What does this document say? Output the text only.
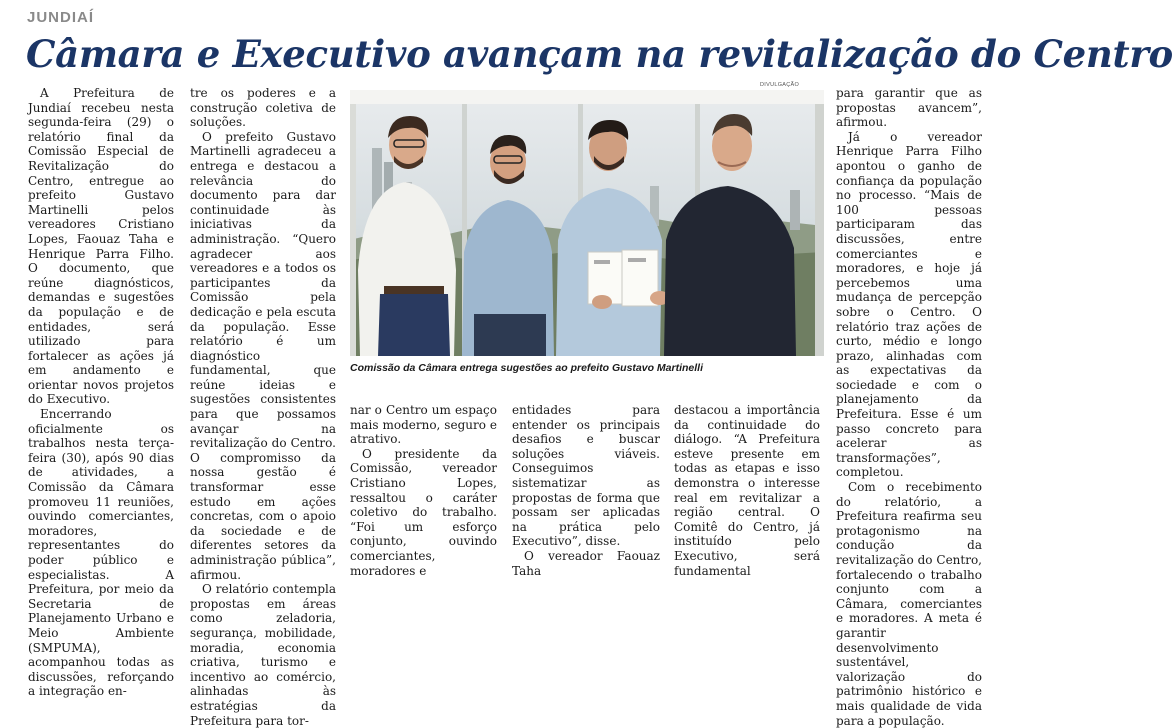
JUNDIAÍ
Câmara e Executivo avançam na revitalização do Centro

A Prefeitura de Jundiaí recebeu nesta segunda-feira (29) o relatório final da Comissão Especial de Revitalização do Centro, entregue ao prefeito Gustavo Martinelli pelos vereadores Cristiano Lopes, Faouaz Taha e Henrique Parra Filho. O documento, que reúne diagnósticos, demandas e sugestões da população e de entidades, será utilizado para fortalecer as ações já em andamento e orientar novos projetos do Executivo.

Encerrando oficialmente os trabalhos nesta terça-feira (30), após 90 dias de atividades, a Comissão da Câmara promoveu 11 reuniões, ouvindo comerciantes, moradores, representantes do poder público e especialistas. A Prefeitura, por meio da Secretaria de Planejamento Urbano e Meio Ambiente (SMPUMA), acompanhou todas as discussões, reforçando a integração en-

tre os poderes e a construção coletiva de soluções.

O prefeito Gustavo Martinelli agradeceu a entrega e destacou a relevância do documento para dar continuidade às iniciativas da administração. “Quero agradecer aos vereadores e a todos os participantes da Comissão pela dedicação e pela escuta da população. Esse relatório é um diagnóstico fundamental, que reúne ideias e sugestões consistentes para que possamos avançar na revitalização do Centro. O compromisso da nossa gestão é transformar esse estudo em ações concretas, com o apoio da sociedade e de diferentes setores da administração pública”, afirmou.

O relatório contempla propostas em áreas como zeladoria, segurança, mobilidade, moradia, economia criativa, turismo e incentivo ao comércio, alinhadas às estratégias da Prefeitura para tor-

DIVULGAÇÃO
Comissão da Câmara entrega sugestões ao prefeito Gustavo Martinelli

nar o Centro um espaço mais moderno, seguro e atrativo.

O presidente da Comissão, vereador Cristiano Lopes, ressaltou o caráter coletivo do trabalho. “Foi um esforço conjunto, ouvindo comerciantes, moradores e

entidades para entender os principais desafios e buscar soluções viáveis. Conseguimos sistematizar as propostas de forma que possam ser aplicadas na prática pelo Executivo”, disse.

O vereador Faouaz Taha

destacou a importância da continuidade do diálogo. “A Prefeitura esteve presente em todas as etapas e isso demonstra o interesse real em revitalizar a região central. O Comitê do Centro, já instituído pelo Executivo, será fundamental

para garantir que as propostas avancem”, afirmou.

Já o vereador Henrique Parra Filho apontou o ganho de confiança da população no processo. “Mais de 100 pessoas participaram das discussões, entre comerciantes e moradores, e hoje já percebemos uma mudança de percepção sobre o Centro. O relatório traz ações de curto, médio e longo prazo, alinhadas com as expectativas da sociedade e com o planejamento da Prefeitura. Esse é um passo concreto para acelerar as transformações”, completou.

Com o recebimento do relatório, a Prefeitura reafirma seu protagonismo na condução da revitalização do Centro, fortalecendo o trabalho conjunto com a Câmara, comerciantes e moradores. A meta é garantir desenvolvimento sustentável, valorização do patrimônio histórico e mais qualidade de vida para a população.
